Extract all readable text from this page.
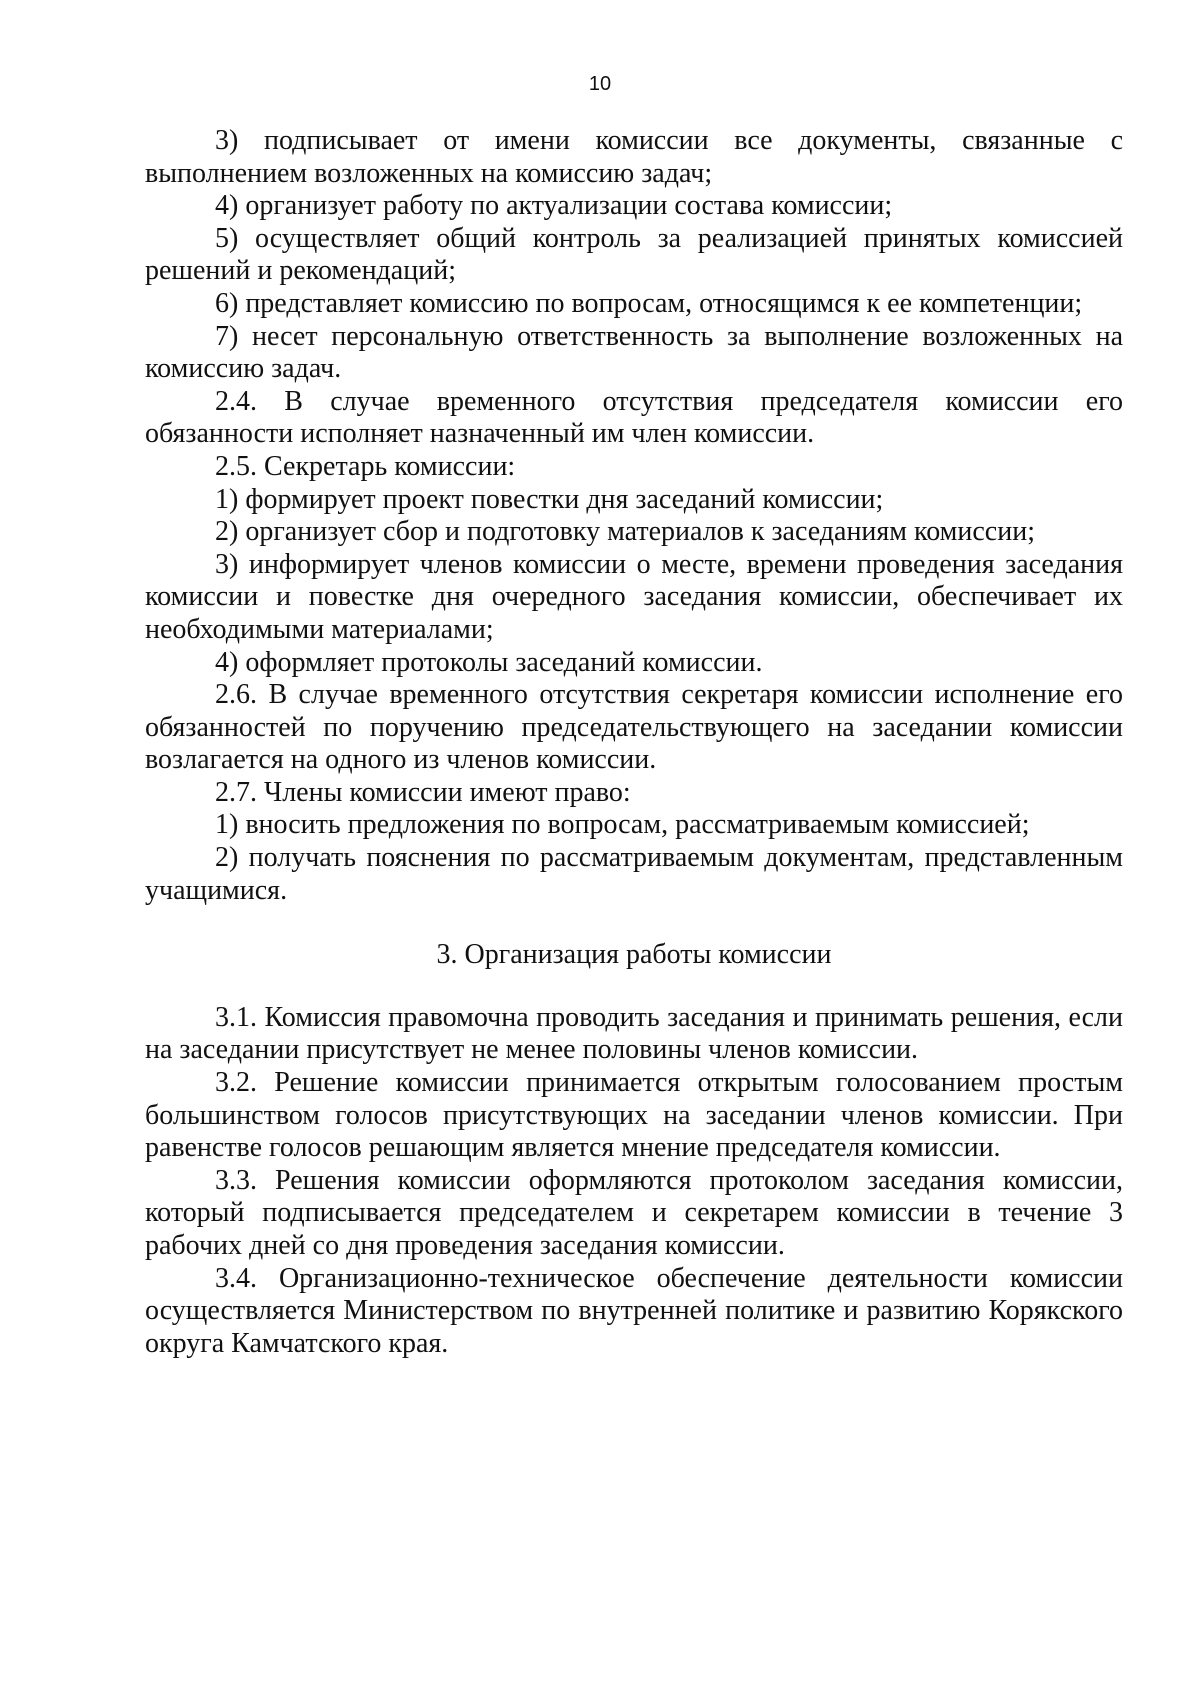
10

3) подписывает от имени комиссии все документы, связанные с выполнением возложенных на комиссию задач;

4) организует работу по актуализации состава комиссии;

5) осуществляет общий контроль за реализацией принятых комиссией решений и рекомендаций;

6) представляет комиссию по вопросам, относящимся к ее компетенции;

7) несет персональную ответственность за выполнение возложенных на комиссию задач.

2.4. В случае временного отсутствия председателя комиссии его обязанности исполняет назначенный им член комиссии.

2.5. Секретарь комиссии:

1) формирует проект повестки дня заседаний комиссии;

2) организует сбор и подготовку материалов к заседаниям комиссии;

3) информирует членов комиссии о месте, времени проведения заседания комиссии и повестке дня очередного заседания комиссии, обеспечивает их необходимыми материалами;

4) оформляет протоколы заседаний комиссии.

2.6. В случае временного отсутствия секретаря комиссии исполнение его обязанностей по поручению председательствующего на заседании комиссии возлагается на одного из членов комиссии.

2.7. Члены комиссии имеют право:

1) вносить предложения по вопросам, рассматриваемым комиссией;

2) получать пояснения по рассматриваемым документам, представленным учащимися.

3. Организация работы комиссии

3.1. Комиссия правомочна проводить заседания и принимать решения, если на заседании присутствует не менее половины членов комиссии.

3.2. Решение комиссии принимается открытым голосованием простым большинством голосов присутствующих на заседании членов комиссии. При равенстве голосов решающим является мнение председателя комиссии.

3.3. Решения комиссии оформляются протоколом заседания комиссии, который подписывается председателем и секретарем комиссии в течение 3 рабочих дней со дня проведения заседания комиссии.

3.4. Организационно-техническое обеспечение деятельности комиссии осуществляется Министерством по внутренней политике и развитию Корякского округа Камчатского края.
